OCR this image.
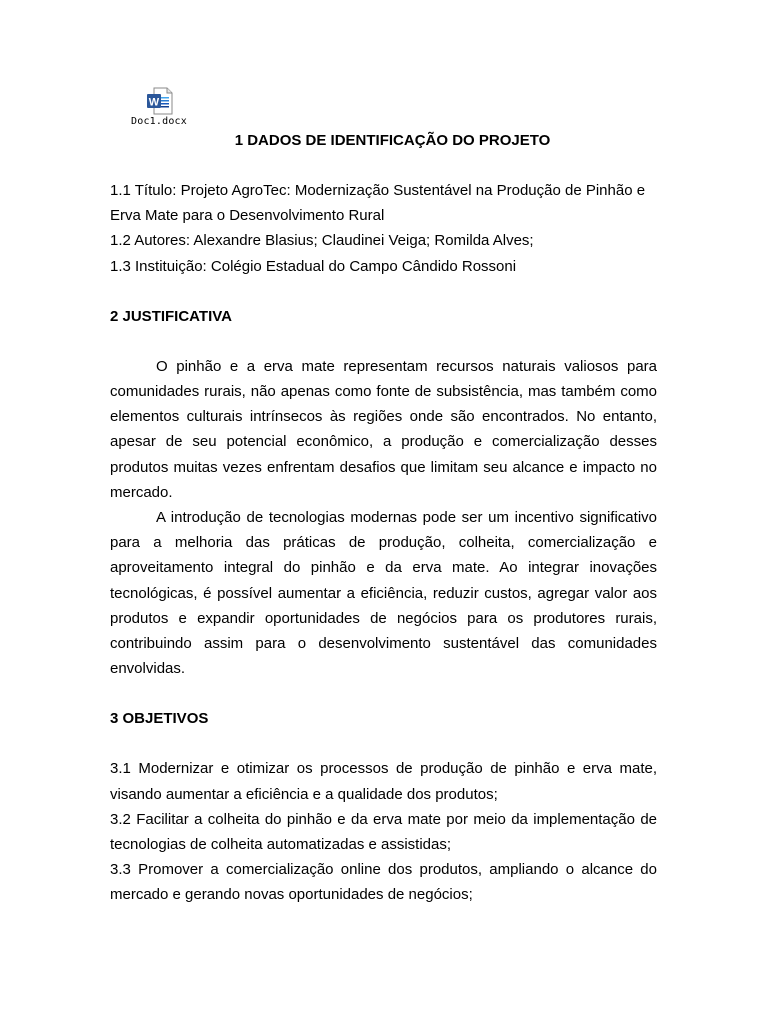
W
Doc1.docx

1 DADOS DE IDENTIFICAÇÃO DO PROJETO

1.1 Título: Projeto AgroTec: Modernização Sustentável na Produção de Pinhão e Erva Mate para o Desenvolvimento Rural

1.2 Autores: Alexandre Blasius; Claudinei Veiga; Romilda Alves;

1.3 Instituição: Colégio Estadual do Campo Cândido Rossoni

2 JUSTIFICATIVA

O pinhão e a erva mate representam recursos naturais valiosos para comunidades rurais, não apenas como fonte de subsistência, mas também como elementos culturais intrínsecos às regiões onde são encontrados. No entanto, apesar de seu potencial econômico, a produção e comercialização desses produtos muitas vezes enfrentam desafios que limitam seu alcance e impacto no mercado.

A introdução de tecnologias modernas pode ser um incentivo significativo para a melhoria das práticas de produção, colheita, comercialização e aproveitamento integral do pinhão e da erva mate. Ao integrar inovações tecnológicas, é possível aumentar a eficiência, reduzir custos, agregar valor aos produtos e expandir oportunidades de negócios para os produtores rurais, contribuindo assim para o desenvolvimento sustentável das comunidades envolvidas.

3 OBJETIVOS

3.1 Modernizar e otimizar os processos de produção de pinhão e erva mate, visando aumentar a eficiência e a qualidade dos produtos;

3.2 Facilitar a colheita do pinhão e da erva mate por meio da implementação de tecnologias de colheita automatizadas e assistidas;

3.3 Promover a comercialização online dos produtos, ampliando o alcance do mercado e gerando novas oportunidades de negócios;
